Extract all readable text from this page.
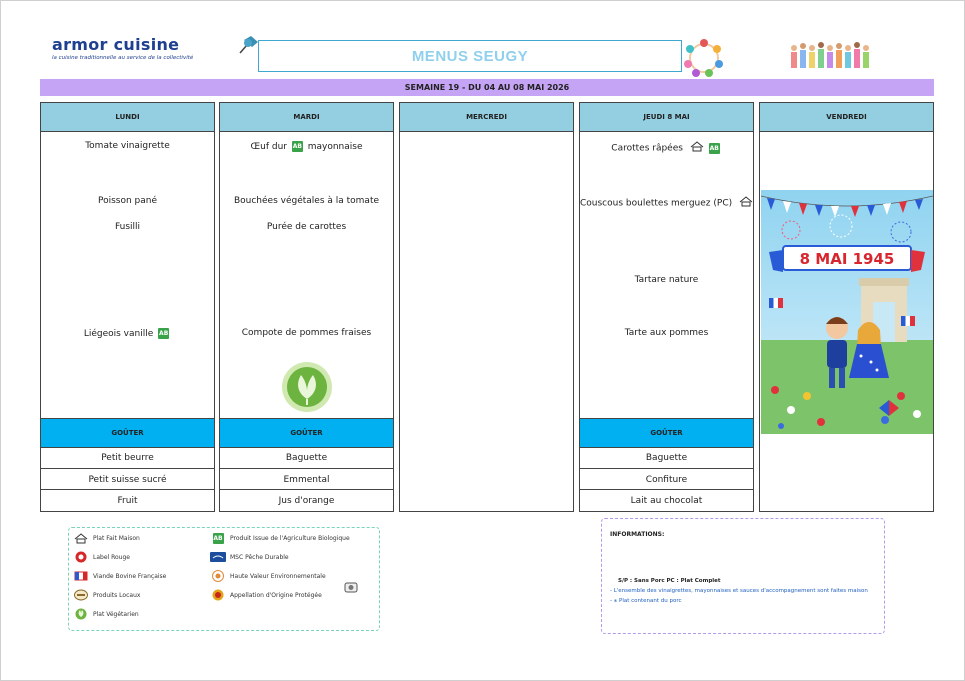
armor cuisine
la cuisine traditionnelle au service de la collectivité	MENUS SEUGY
SEMAINE 19 - DU 04 AU 08 MAI 2026
LUNDI
Tomate vinaigrette
Poisson pané
Fusilli
Liégeois vanille AB
GOÛTER
Petit beurre
Petit suisse sucré
Fruit
MARDI
Œuf dur AB mayonnaise
Bouchées végétales à la tomate
Purée de carottes
Compote de pommes fraises
GOÛTER
Baguette
Emmental
Jus d'orange
MERCREDI	JEUDI 8 MAI
Carottes râpées	AB
Couscous boulettes merguez (PC)
Tartare nature
Tarte aux pommes
GOÛTER
Baguette
Confiture
Lait au chocolat
VENDREDI
8 MAI 1945
Plat Fait Maison
Label Rouge
Viande Bovine Française
Produits Locaux
Plat Végétarien
AB Produit Issue de l'Agriculture Biologique
MSC Pêche Durable
Haute Valeur Environnementale
Appellation d'Origine Protégée
INFORMATIONS:
S/P : Sans Porc PC : Plat Complet
- L'ensemble des vinaigrettes, mayonnaises et sauces d'accompagnement sont faites maison
- * Plat contenant du porc
